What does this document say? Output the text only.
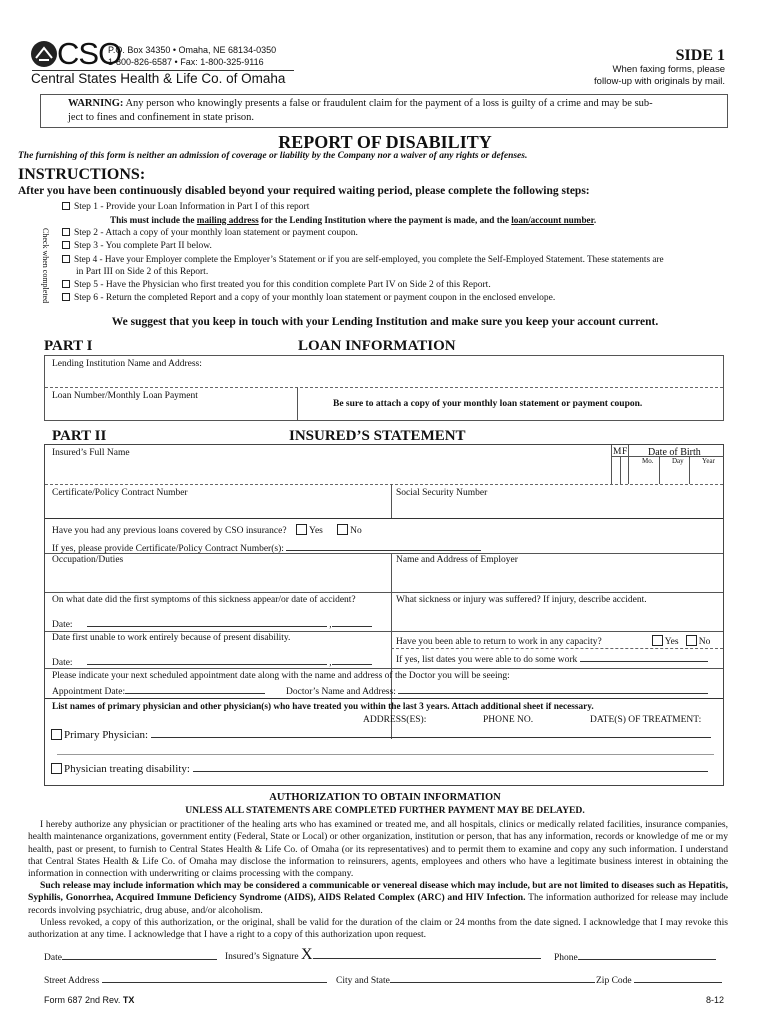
CSO
P.O. Box 34350 • Omaha, NE 68134-0350
1-800-826-6587 • Fax: 1-800-325-9116
Central States Health & Life Co. of Omaha
SIDE 1
When faxing forms, please
follow-up with originals by mail.
WARNING: Any person who knowingly presents a false or fraudulent claim for the payment of a loss is guilty of a crime and may be sub-
ject to fines and confinement in state prison.
REPORT OF DISABILITY
The furnishing of this form is neither an admission of coverage or liability by the Company nor a waiver of any rights or defenses.
INSTRUCTIONS:
After you have been continuously disabled beyond your required waiting period, please complete the following steps:
Check when completed
Step 1 - Provide your Loan Information in Part I of this report
This must include the mailing address for the Lending Institution where the payment is made, and the loan/account number.
Step 2 - Attach a copy of your monthly loan statement or payment coupon.
Step 3 - You complete Part II below.
Step 4 - Have your Employer complete the Employer’s Statement or if you are self-employed, you complete the Self-Employed Statement. These statements are
in Part III on Side 2 of this Report.
Step 5 - Have the Physician who first treated you for this condition complete Part IV on Side 2 of this Report.
Step 6 - Return the completed Report and a copy of your monthly loan statement or payment coupon in the enclosed envelope.
We suggest that you keep in touch with your Lending Institution and make sure you keep your account current.
PART I	LOAN INFORMATION
Lending Institution Name and Address:
Loan Number/Monthly Loan Payment
Be sure to attach a copy of your monthly loan statement or payment coupon.
PART II	INSURED’S STATEMENT
Insured’s Full Name	M F Date of Birth
Mo.	Day	Year
Certificate/Policy Contract Number	Social Security Number
Have you had any previous loans covered by CSO insurance? Yes	No
If yes, please provide Certificate/Policy Contract Number(s):
Occupation/Duties	Name and Address of Employer
On what date did the first symptoms of this sickness appear/or date of accident?	What sickness or injury was suffered? If injury, describe accident.
Date:	,
Date first unable to work entirely because of present disability.	Have you been able to return to work in any capacity?	Yes No
If yes, list dates you were able to do some work
Date:	,
Please indicate your next scheduled appointment date along with the name and address of the Doctor you will be seeing:
Appointment Date:	Doctor’s Name and Address:
List names of primary physician and other physician(s) who have treated you within the last 3 years. Attach additional sheet if necessary.
ADDRESS(ES):	PHONE NO.	DATE(S) OF TREATMENT:
Primary Physician:
Physician treating disability:
AUTHORIZATION TO OBTAIN INFORMATION
UNLESS ALL STATEMENTS ARE COMPLETED FURTHER PAYMENT MAY BE DELAYED.
I hereby authorize any physician or practitioner of the healing arts who has examined or treated me, and all hospitals, clinics or medically related facilities, insurance companies, health maintenance organizations, government entity (Federal, State or Local) or other organization, institution or person, that has any information, records or knowledge of me or my health, past or present, to furnish to Central States Health & Life Co. of Omaha (or its representatives) and to permit them to examine and copy any such information. I understand that Central States Health & Life Co. of Omaha may disclose the information to reinsurers, agents, employees and others who have a legitimate business interest in obtaining the information in connection with underwriting or claims processing with the company.
Such release may include information which may be considered a communicable or venereal disease which may include, but are not limited to diseases such as Hepatitis, Syphilis, Gonorrhea, Acquired Immune Deficiency Syndrome (AIDS), AIDS Related Complex (ARC) and HIV Infection. The information authorized for release may include records involving psychiatric, drug abuse, and/or alcoholism.
Unless revoked, a copy of this authorization, or the original, shall be valid for the duration of the claim or 24 months from the date signed. I acknowledge that I may revoke this authorization at any time. I acknowledge that I have a right to a copy of this authorization upon request.
Date	Insured’s Signature X	Phone
Street Address	City and State	Zip Code
Form 687 2nd Rev. TX	8-12
